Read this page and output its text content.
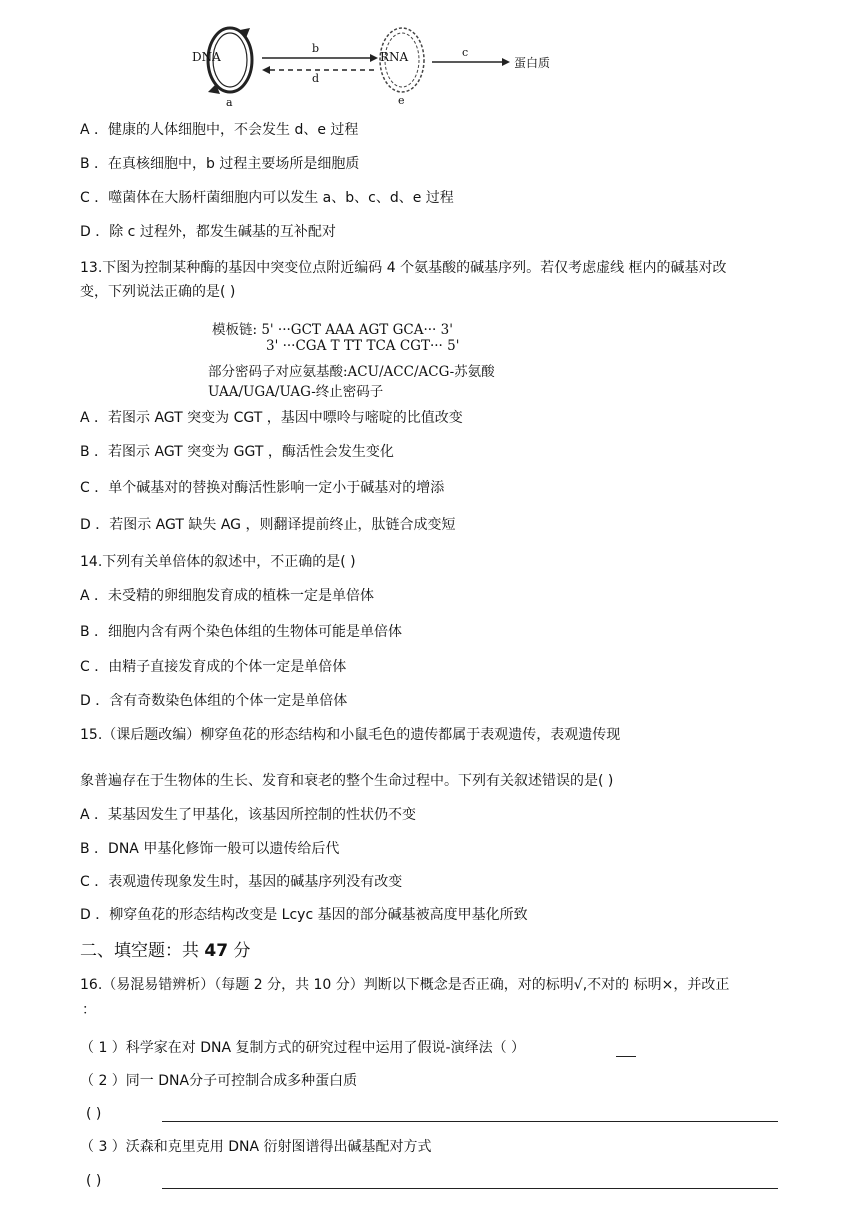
DNA	RNA	蛋白质
a
b	c
d
e
A ．健康的人体细胞中，不会发生 d、e 过程
B ．在真核细胞中，b 过程主要场所是细胞质
C ．噬菌体在大肠杆菌细胞内可以发生 a、b、c、d、e 过程
D ．除 c 过程外，都发生碱基的互补配对
13.下图为控制某种酶的基因中突变位点附近编码 4 个氨基酸的碱基序列。若仅考虑虚线 框内的碱基对改
变，下列说法正确的是( )
模板链: 5' ···GCT AAA AGT GCA··· 3'
3' ···CGA T TT TCA CGT··· 5'
部分密码子对应氨基酸:ACU/ACC/ACG-苏氨酸
UAA/UGA/UAG-终止密码子
A ．若图示 AGT 突变为 CGT ，基因中嘌呤与嘧啶的比值改变
B ．若图示 AGT 突变为 GGT ，酶活性会发生变化
C ．单个碱基对的替换对酶活性影响一定小于碱基对的增添
D ．若图示 AGT 缺失 AG ，则翻译提前终止，肽链合成变短
14.下列有关单倍体的叙述中，不正确的是( )
A ．未受精的卵细胞发育成的植株一定是单倍体
B ．细胞内含有两个染色体组的生物体可能是单倍体
C ．由精子直接发育成的个体一定是单倍体
D ．含有奇数染色体组的个体一定是单倍体
15.（课后题改编）柳穿鱼花的形态结构和小鼠毛色的遗传都属于表观遗传，表观遗传现
象普遍存在于生物体的生长、发育和衰老的整个生命过程中。下列有关叙述错误的是( )
A ．某基因发生了甲基化，该基因所控制的性状仍不变
B ．DNA 甲基化修饰一般可以遗传给后代
C ．表观遗传现象发生时，基因的碱基序列没有改变
D ．柳穿鱼花的形态结构改变是 Lcyc 基因的部分碱基被高度甲基化所致
二、填空题：共 47 分
16.（易混易错辨析）（每题 2 分，共 10 分）判断以下概念是否正确，对的标明√,不对的 标明×，并改正
：
（ 1 ）科学家在对 DNA 复制方式的研究过程中运用了假说-演绎法（ ）
（ 2 ）同一 DNA分子可控制合成多种蛋白质
( )
（ 3 ）沃森和克里克用 DNA 衍射图谱得出碱基配对方式
( )
